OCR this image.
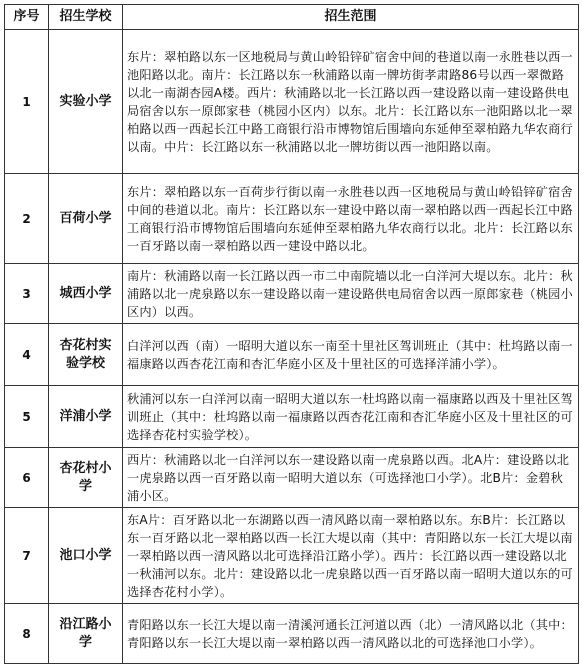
序号	招生学校	招生范围
1	实验小学	东片：翠柏路以东一区地税局与黄山岭铅锌矿宿舍中间的巷道以南一永胜巷以西一池阳路以北。南片：长江路以东一秋浦路以南一牌坊街孝肃路86号以西一翠微路以北一南湖杏园A楼。西片：秋浦路以北一长江路以西一建设路以南一建设路供电局宿舍以东一原郎家巷（桃园小区内）以东。北片：长江路以东一池阳路以北一翠柏路以西一西起长江中路工商银行沿市博物馆后围墙向东延伸至翠柏路九华农商行以南。中片：长江路以东一秋浦路以北一牌坊街以西一池阳路以南。
2	百荷小学	东片：翠柏路以东一百荷步行街以南一永胜巷以西一区地税局与黄山岭铅锌矿宿舍中间的巷道以北。南片：长江路以东一建设中路以南一翠柏路以西一西起长江中路工商银行沿市博物馆后围墙向东延伸至翠柏路九华农商行以北。北片：长江路以东一百牙路以南一翠柏路以西一建设中路以北。
3	城西小学	南片：秋浦路以南一长江路以西一市二中南院墙以北一白洋河大堤以东。北片：秋浦路以北一虎泉路以东一建设路以南一建设路供电局宿舍以西一原郎家巷（桃园小区内）以西。
4	杏花村实验学校	白洋河以西（南）一昭明大道以东一南至十里社区驾训班止（其中：杜坞路以南一福康路以西杏花江南和杏汇华庭小区及十里社区的可选择洋浦小学）。
5	洋浦小学	秋浦河以东一白洋河以南一昭明大道以东一杜坞路以南一福康路以西及十里社区驾训班止（其中：杜坞路以南一福康路以西杏花江南和杏汇华庭小区及十里社区的可选择杏花村实验学校）。
6	杏花村小学	西片：秋浦路以北一白洋河以东一建设路以南一虎泉路以西。北A片：建设路以北一虎泉路以西一百牙路以南一昭明大道以东（可选择池口小学）。北B片：金碧秋浦小区。
7	池口小学	东A片：百牙路以北一东湖路以西一清风路以南一翠柏路以东。东B片：长江路以东一百牙路以北一翠柏路以西一长江大堤以南（其中：青阳路以东一长江大堤以南一翠柏路以西一清风路以北可选择沿江路小学）。西片：长江路以西一建设路以北一秋浦河以东。北片：建设路以北一虎泉路以西一百牙路以南一昭明大道以东的可选择杏花村小学）。
8	沿江路小学	青阳路以东一长江大堤以南一清溪河通长江河道以西（北）一清风路以北（其中：青阳路以东一长江大堤以南一翠柏路以西一清风路以北的可选择池口小学）。
